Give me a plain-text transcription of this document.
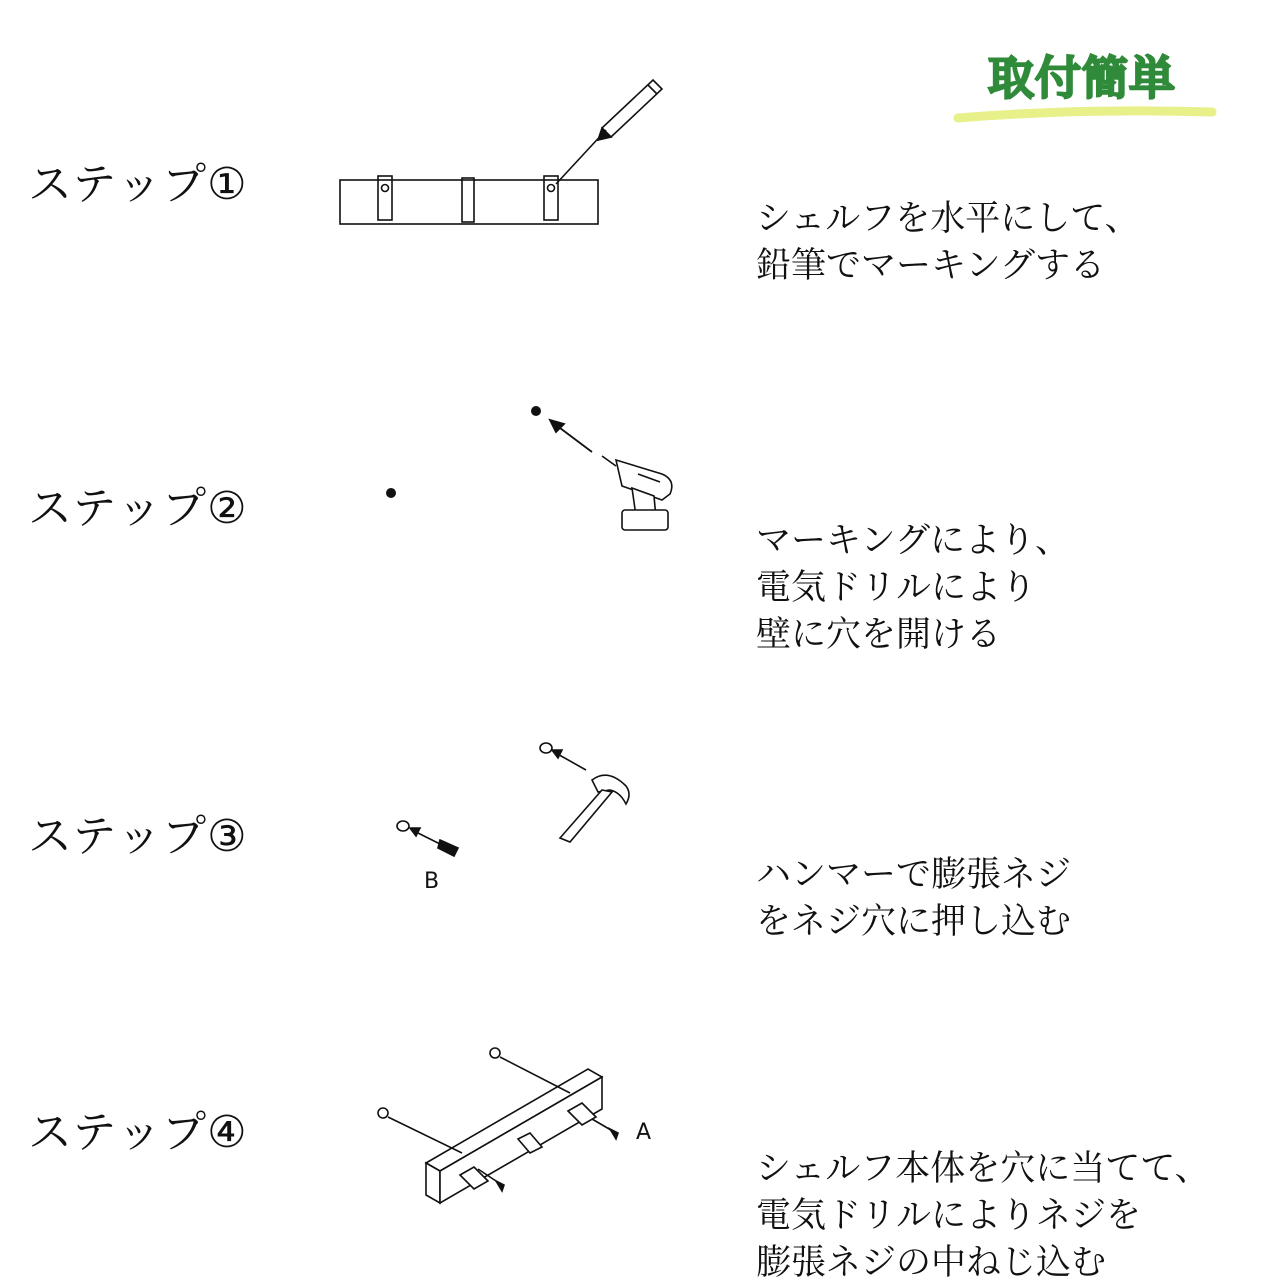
取付簡単
ステップ①
シェルフを水平にして、
鉛筆でマーキングする
ステップ②
マーキングにより、
電気ドリルにより
壁に穴を開ける
ステップ③
B	ハンマーで膨張ネジ
をネジ穴に押し込む
ステップ④	A
シェルフ本体を穴に当てて、
電気ドリルによりネジを
膨張ネジの中ねじ込む
